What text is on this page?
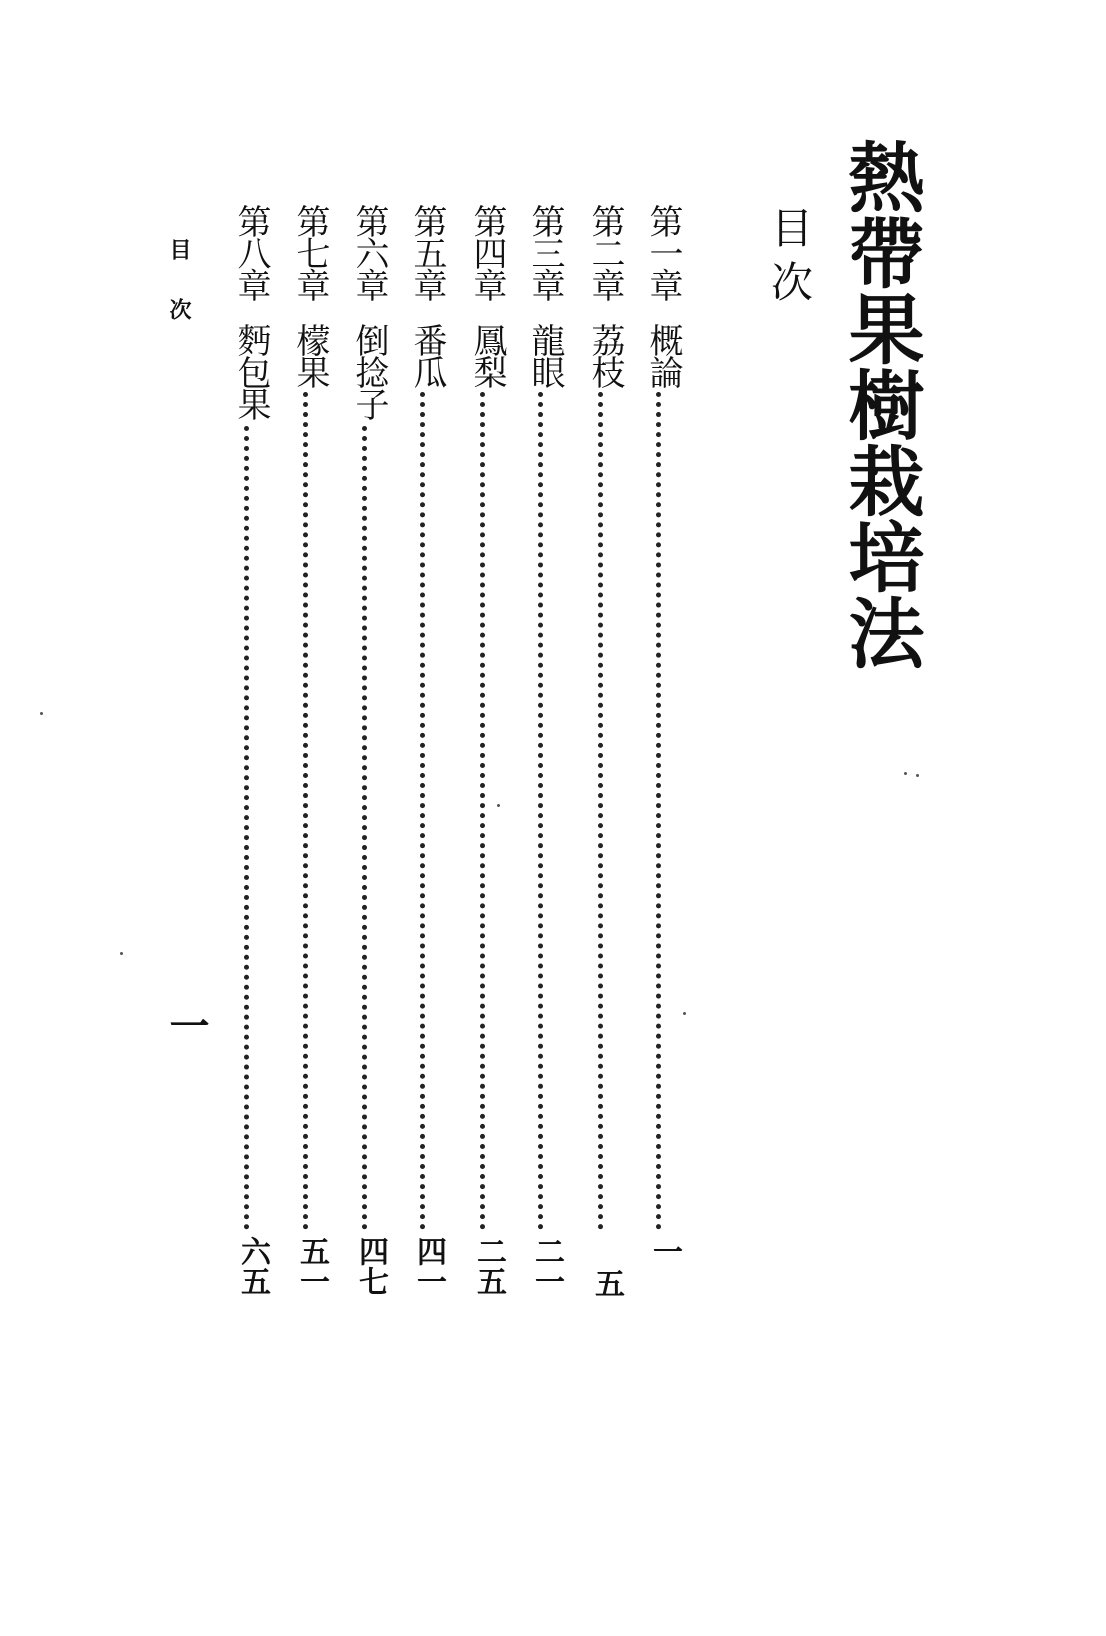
熱帶果樹栽培法
目次
第一章
概論
一
第二章
荔枝
五
第三章
龍眼
二一
第四章
鳳梨
二五
第五章
番瓜
四一
第六章
倒捻子
四七
第七章
檬果
五一
第八章
麪包果
六五
目次
一
